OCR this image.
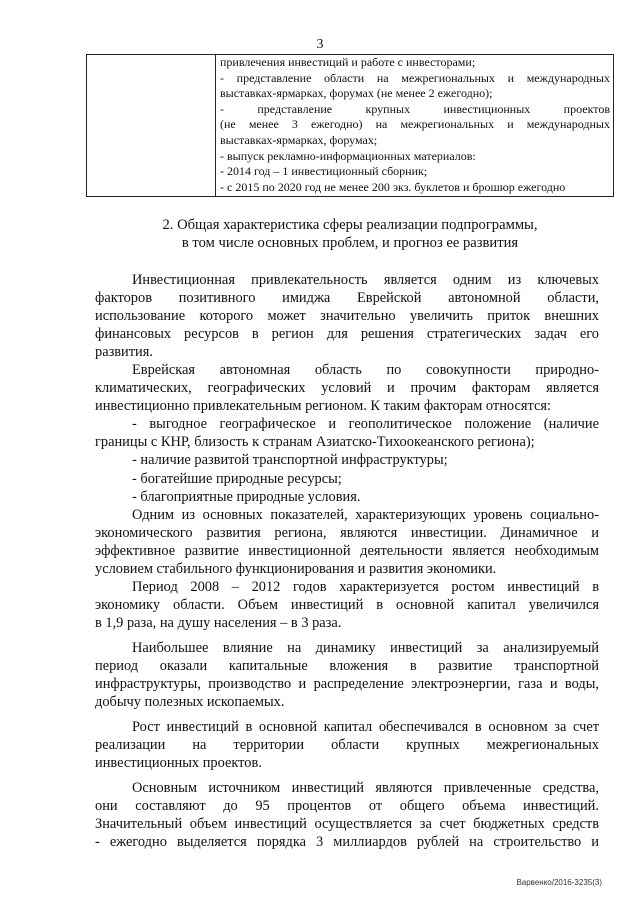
3

привлечения инвестиций и работе с инвесторами;
- представление области на межрегиональных и международных
выставках-ярмарках, форумах (не менее 2 ежегодно);
- представление крупных инвестиционных проектов
(не менее 3 ежегодно) на межрегиональных и международных
выставках-ярмарках, форумах;
- выпуск рекламно-информационных материалов:
- 2014 год – 1 инвестиционный сборник;
- с 2015 по 2020 год не менее 200 экз. буклетов и брошюр ежегодно
2. Общая характеристика сферы реализации подпрограммы,
в том числе основных проблем, и прогноз ее развития
Инвестиционная привлекательность является одним из ключевых
факторов позитивного имиджа Еврейской автономной области,
использование которого может значительно увеличить приток внешних
финансовых ресурсов в регион для решения стратегических задач его
развития.
Еврейская автономная область по совокупности природно-
климатических, географических условий и прочим факторам является
инвестиционно привлекательным регионом. К таким факторам относятся:
- выгодное географическое и геополитическое положение (наличие
границы с КНР, близость к странам Азиатско-Тихоокеанского региона);
- наличие развитой транспортной инфраструктуры;
- богатейшие природные ресурсы;
- благоприятные природные условия.
Одним из основных показателей, характеризующих уровень социально-
экономического развития региона, являются инвестиции. Динамичное и
эффективное развитие инвестиционной деятельности является необходимым
условием стабильного функционирования и развития экономики.
Период 2008 – 2012 годов характеризуется ростом инвестиций в
экономику области. Объем инвестиций в основной капитал увеличился
в 1,9 раза, на душу населения – в 3 раза.
Наибольшее влияние на динамику инвестиций за анализируемый
период оказали капитальные вложения в развитие транспортной
инфраструктуры, производство и распределение электроэнергии, газа и воды,
добычу полезных ископаемых.
Рост инвестиций в основной капитал обеспечивался в основном за счет
реализации на территории области крупных межрегиональных
инвестиционных проектов.
Основным источником инвестиций являются привлеченные средства,
они составляют до 95 процентов от общего объема инвестиций.
Значительный объем инвестиций осуществляется за счет бюджетных средств
- ежегодно выделяется порядка 3 миллиардов рублей на строительство и
Варвенко/2016-3235(3)
